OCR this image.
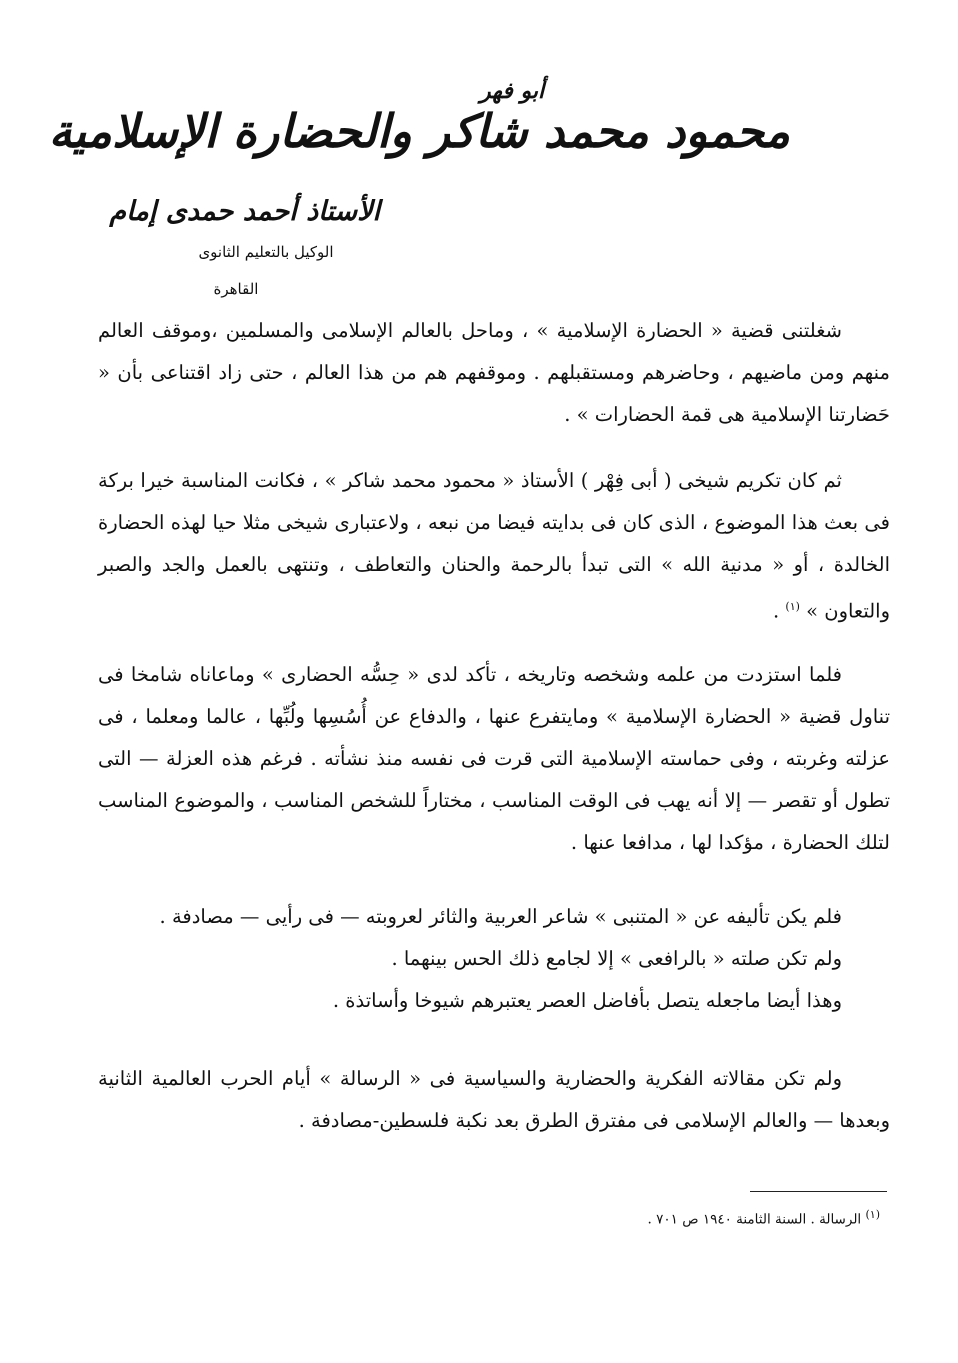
أبو فهر
محمود محمد شاكر والحضارة الإسلامية
الأستاذ أحمد حمدى إمام
الوكيل بالتعليم الثانوى
القاهرة
شغلتنى قضية « الحضارة الإسلامية » ، وماحل بالعالم الإسلامى والمسلمين ،وموقف العالم منهم ومن ماضيهم ، وحاضرهم ومستقبلهم . وموقفهم هم من هذا العالم ، حتى زاد اقتناعى بأن « حَضارتنا الإسلامية هى قمة الحضارات » .
ثم كان تكريم شيخى ( أبى فِهْر ) الأستاذ « محمود محمد شاكر » ، فكانت المناسبة خيرا بركة فى بعث هذا الموضوع ، الذى كان فى بدايته فيضا من نبعه ، ولاعتبارى شيخى مثلا حيا لهذه الحضارة الخالدة ، أو « مدنية الله » التى تبدأ بالرحمة والحنان والتعاطف ، وتنتهى بالعمل والجد والصبر والتعاون » $^{(١)}$ .
فلما استزدت من علمه وشخصه وتاريخه ، تأكد لدى « حِسُّه الحضارى » وماعاناه شامخا فى تناول قضية « الحضارة الإسلامية » ومايتفرع عنها ، والدفاع عن أُسُسِها ولُبِّها ، عالما ومعلما ، فى عزلته وغربته ، وفى حماسته الإسلامية التى قرت فى نفسه منذ نشأته . فرغم هذه العزلة — التى تطول أو تقصر — إلا أنه يهب فى الوقت المناسب ، مختاراً للشخص المناسب ، والموضوع المناسب لتلك الحضارة ، مؤكدا لها ، مدافعا عنها .
فلم يكن تأليفه عن « المتنبى » شاعر العربية والثائر لعروبته — فى رأيى — مصادفة .
ولم تكن صلته « بالرافعى » إلا لجامع ذلك الحس بينهما .
وهذا أيضا ماجعله يتصل بأفاضل العصر يعتبرهم شيوخا وأساتذة .
ولم تكن مقالاته الفكرية والحضارية والسياسية فى « الرسالة » أيام الحرب العالمية الثانية وبعدها — والعالم الإسلامى فى مفترق الطرق بعد نكبة فلسطين-مصادفة .
$^{(١)}$ الرسالة . السنة الثامنة ١٩٤٠ ص ٧٠١ .
